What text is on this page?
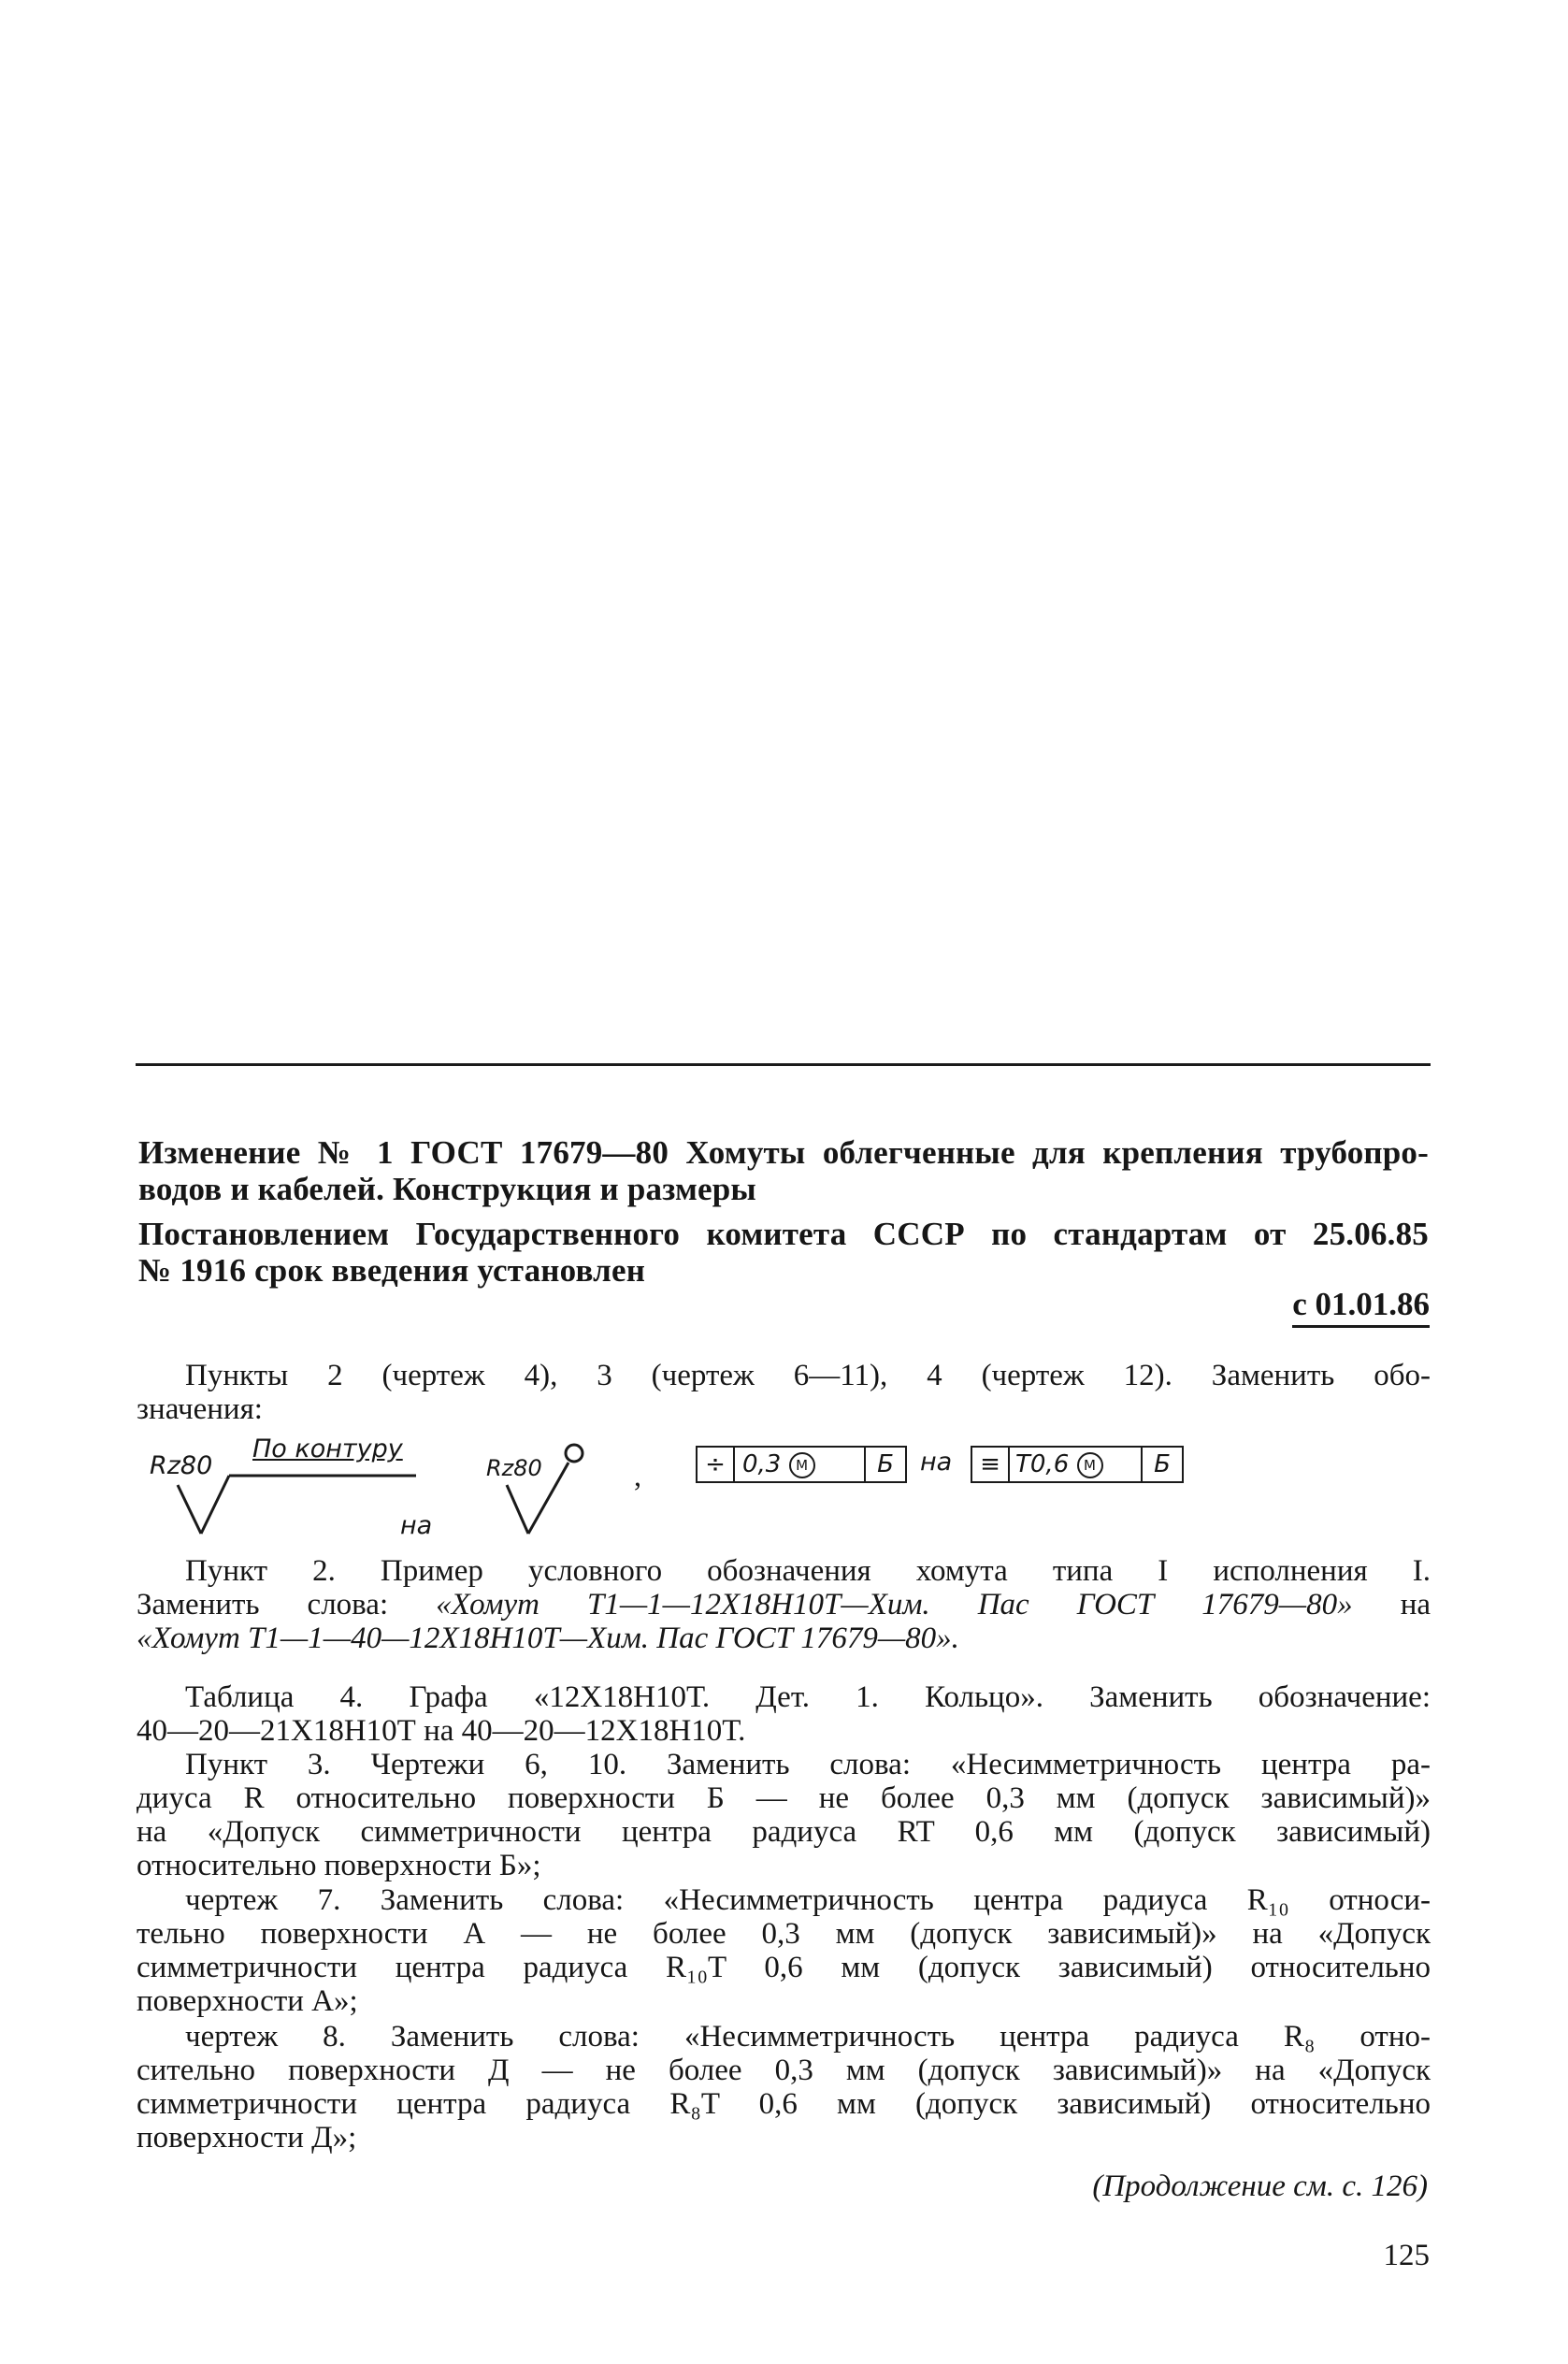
Изменение № 1 ГОСТ 17679—80 Хомуты облегченные для крепления трубопро-
водов и кабелей. Конструкция и размеры
Постановлением Государственного комитета СССР по стандартам от 25.06.85
№ 1916 срок введения установлен
с 01.01.86
Пункты 2 (чертеж 4), 3 (чертеж 6—11), 4 (чертеж 12). Заменить обо-
значения:
Rz80
По контуру
на
Rz80	,	÷ 0,3 M	Б	на	≡ Т0,6 M Б
Пункт 2. Пример условного обозначения хомута типа I исполнения I.
Заменить слова: «Хомут Т1—1—12Х18Н10Т—Хим. Пас ГОСТ 17679—80» на
«Хомут Т1—1—40—12Х18Н10Т—Хим. Пас ГОСТ 17679—80».
Таблица 4. Графа «12Х18Н10Т. Дет. 1. Кольцо». Заменить обозначение:
40—20—21Х18Н10Т на 40—20—12Х18Н10Т.
Пункт 3. Чертежи 6, 10. Заменить слова: «Несимметричность центра ра-
диуса R относительно поверхности Б — не более 0,3 мм (допуск зависимый)»
на «Допуск симметричности центра радиуса RT 0,6 мм (допуск зависимый)
относительно поверхности Б»;
чертеж 7. Заменить слова: «Несимметричность центра радиуса R₁₀ относи-
тельно поверхности А — не более 0,3 мм (допуск зависимый)» на «Допуск
симметричности центра радиуса R₁₀T 0,6 мм (допуск зависимый) относительно
поверхности А»;
чертеж 8. Заменить слова: «Несимметричность центра радиуса R₈ отно-
сительно поверхности Д — не более 0,3 мм (допуск зависимый)» на «Допуск
симметричности центра радиуса R₈T 0,6 мм (допуск зависимый) относительно
поверхности Д»;
(Продолжение см. с. 126)
125
